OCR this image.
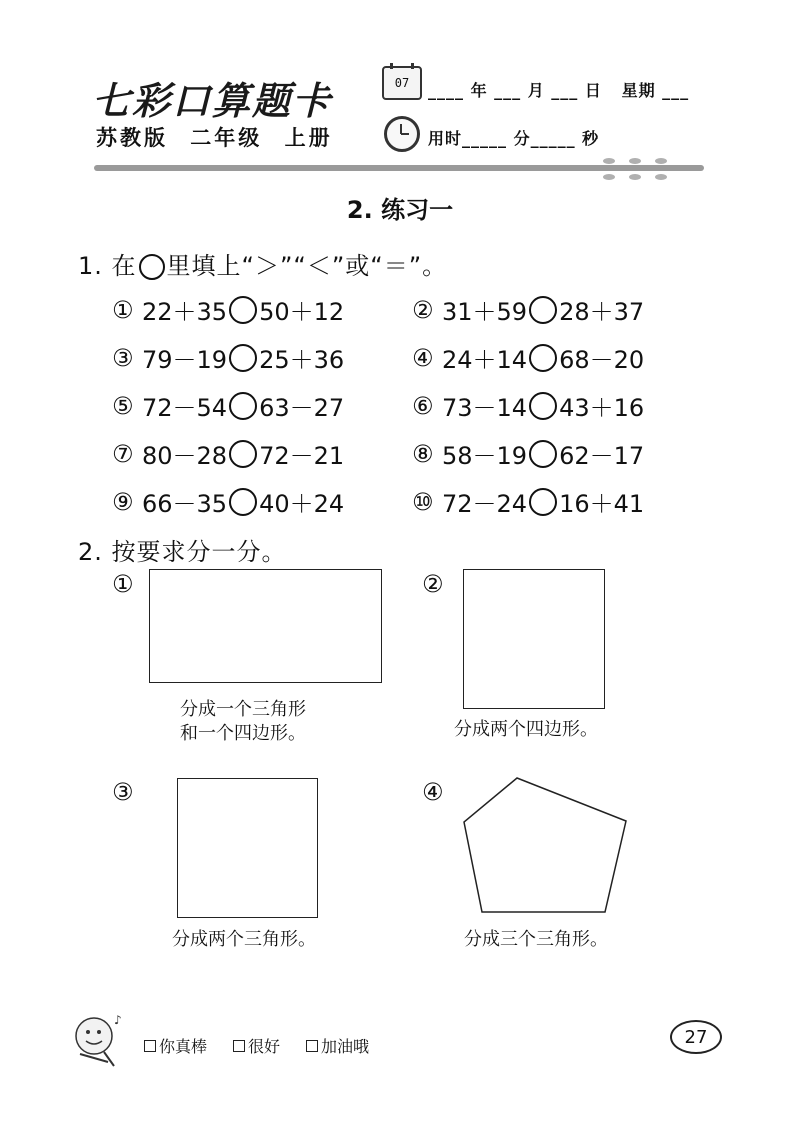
七彩口算题卡
苏教版 二年级 上册
07	____ 年 ___ 月 ___ 日   星期 ___
用时_____ 分_____ 秒
2. 练习一
1. 在 里填上“＞”“＜”或“＝”。
① 22＋35 50＋12	② 31＋59 28＋37
③ 79－19 25＋36	④ 24＋14 68－20
⑤ 72－54 63－27	⑥ 73－14 43＋16
⑦ 80－28 72－21	⑧ 58－19 62－17
⑨ 66－35 40＋24	⑩ 72－24 16＋41
2. 按要求分一分。
①
分成一个三角形
和一个四边形。
②
分成两个四边形。
③
分成两个三角形。
④
分成三个三角形。
♪
你真棒	很好	加油哦	27
